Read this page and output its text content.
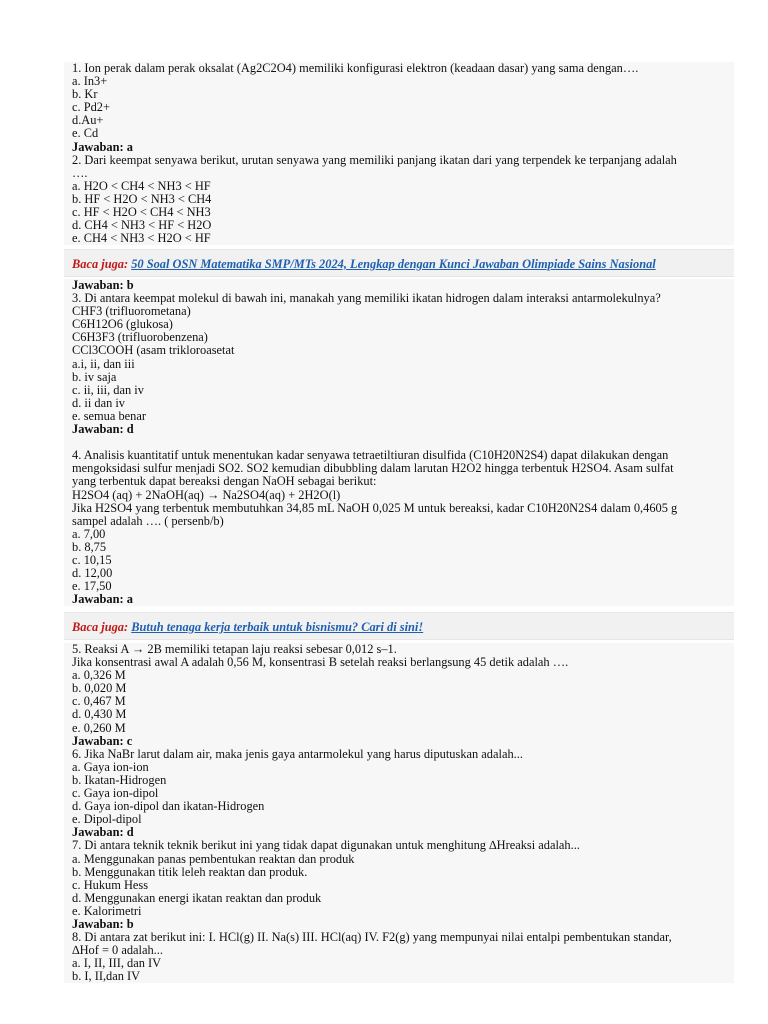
1. Ion perak dalam perak oksalat (Ag2C2O4) memiliki konfigurasi elektron (keadaan dasar) yang sama dengan….
a. In3+
b. Kr
c. Pd2+
d.Au+
e. Cd
Jawaban: a
2. Dari keempat senyawa berikut, urutan senyawa yang memiliki panjang ikatan dari yang terpendek ke terpanjang adalah
….
a. H2O < CH4 < NH3 < HF
b. HF < H2O < NH3 < CH4
c. HF < H2O < CH4 < NH3
d. CH4 < NH3 < HF < H2O
e. CH4 < NH3 < H2O < HF
Baca juga: 50 Soal OSN Matematika SMP/MTs 2024, Lengkap dengan Kunci Jawaban Olimpiade Sains Nasional
Jawaban: b
3. Di antara keempat molekul di bawah ini, manakah yang memiliki ikatan hidrogen dalam interaksi antarmolekulnya?
CHF3 (trifluorometana)
C6H12O6 (glukosa)
C6H3F3 (trifluorobenzena)
CCl3COOH (asam trikloroasetat
a.i, ii, dan iii
b. iv saja
c. ii, iii, dan iv
d. ii dan iv
e. semua benar
Jawaban: d
4. Analisis kuantitatif untuk menentukan kadar senyawa tetraetiltiuran disulfida (C10H20N2S4) dapat dilakukan dengan
mengoksidasi sulfur menjadi SO2. SO2 kemudian dibubbling dalam larutan H2O2 hingga terbentuk H2SO4. Asam sulfat
yang terbentuk dapat bereaksi dengan NaOH sebagai berikut:
H2SO4 (aq) + 2NaOH(aq) → Na2SO4(aq) + 2H2O(l)
Jika H2SO4 yang terbentuk membutuhkan 34,85 mL NaOH 0,025 M untuk bereaksi, kadar C10H20N2S4 dalam 0,4605 g
sampel adalah …. ( persenb/b)
a. 7,00
b. 8,75
c. 10,15
d. 12,00
e. 17,50
Jawaban: a
Baca juga: Butuh tenaga kerja terbaik untuk bisnismu? Cari di sini!
5. Reaksi A → 2B memiliki tetapan laju reaksi sebesar 0,012 s–1.
Jika konsentrasi awal A adalah 0,56 M, konsentrasi B setelah reaksi berlangsung 45 detik adalah ….
a. 0,326 M
b. 0,020 M
c. 0,467 M
d. 0,430 M
e. 0,260 M
Jawaban: c
6. Jika NaBr larut dalam air, maka jenis gaya antarmolekul yang harus diputuskan adalah...
a. Gaya ion-ion
b. Ikatan-Hidrogen
c. Gaya ion-dipol
d. Gaya ion-dipol dan ikatan-Hidrogen
e. Dipol-dipol
Jawaban: d
7. Di antara teknik teknik berikut ini yang tidak dapat digunakan untuk menghitung ∆Hreaksi adalah...
a. Menggunakan panas pembentukan reaktan dan produk
b. Menggunakan titik leleh reaktan dan produk.
c. Hukum Hess
d. Menggunakan energi ikatan reaktan dan produk
e. Kalorimetri
Jawaban: b
8. Di antara zat berikut ini: I. HCl(g) II. Na(s) III. HCl(aq) IV. F2(g) yang mempunyai nilai entalpi pembentukan standar,
∆Hof = 0 adalah...
a. I, II, III, dan IV
b. I, II,dan IV
